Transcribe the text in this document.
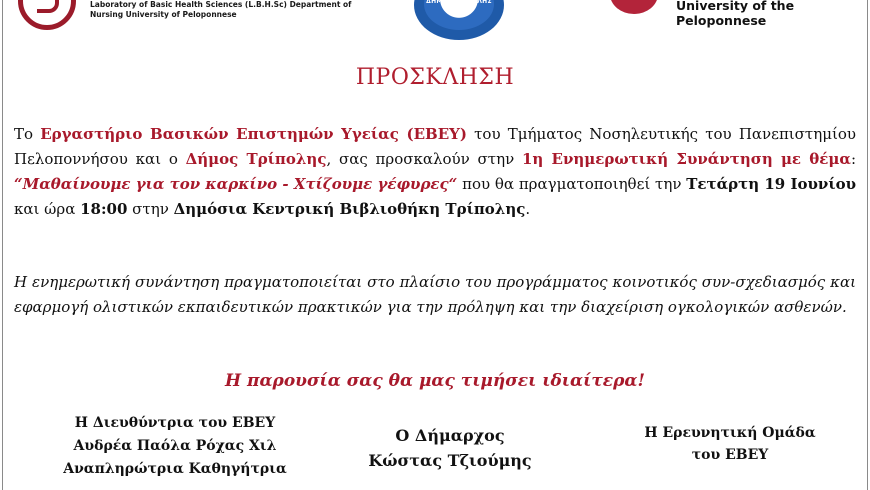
Laboratory of Basic Health Sciences (L.B.H.Sc) Department of
Nursing University of Peloponnese
ΔΗΜΟΣ ΤΡΙΠΟΛΗΣ	University of the Peloponnese
ΠΡΟΣΚΛΗΣΗ

Το Εργαστήριο Βασικών Επιστημών Υγείας (ΕΒΕΥ) του Τμήματος Νοσηλευτικής του Πανεπιστημίου Πελοποννήσου και ο Δήμος Τρίπολης, σας προσκαλούν στην 1η Ενημερωτική Συνάντηση με θέμα: “Μαθαίνουμε για τον καρκίνο - Χτίζουμε γέφυρες“ που θα πραγματοποιηθεί την Τετάρτη 19 Ιουνίου και ώρα 18:00 στην Δημόσια Κεντρική Βιβλιοθήκη Τρίπολης.

Η ενημερωτική συνάντηση πραγματοποιείται στο πλαίσιο του προγράμματος κοινοτικός συν-σχεδιασμός και εφαρμογή ολιστικών εκπαιδευτικών πρακτικών για την πρόληψη και την διαχείριση ογκολογικών ασθενών.

Η παρουσία σας θα μας τιμήσει ιδιαίτερα!
Η Διευθύντρια του ΕΒΕΥ
Αυδρέα Παόλα Ρόχας Χιλ
Αναπληρώτρια Καθηγήτρια
Ο Δήμαρχος
Κώστας Τζιούμης
Η Ερευνητική Ομάδα
του ΕΒΕΥ
